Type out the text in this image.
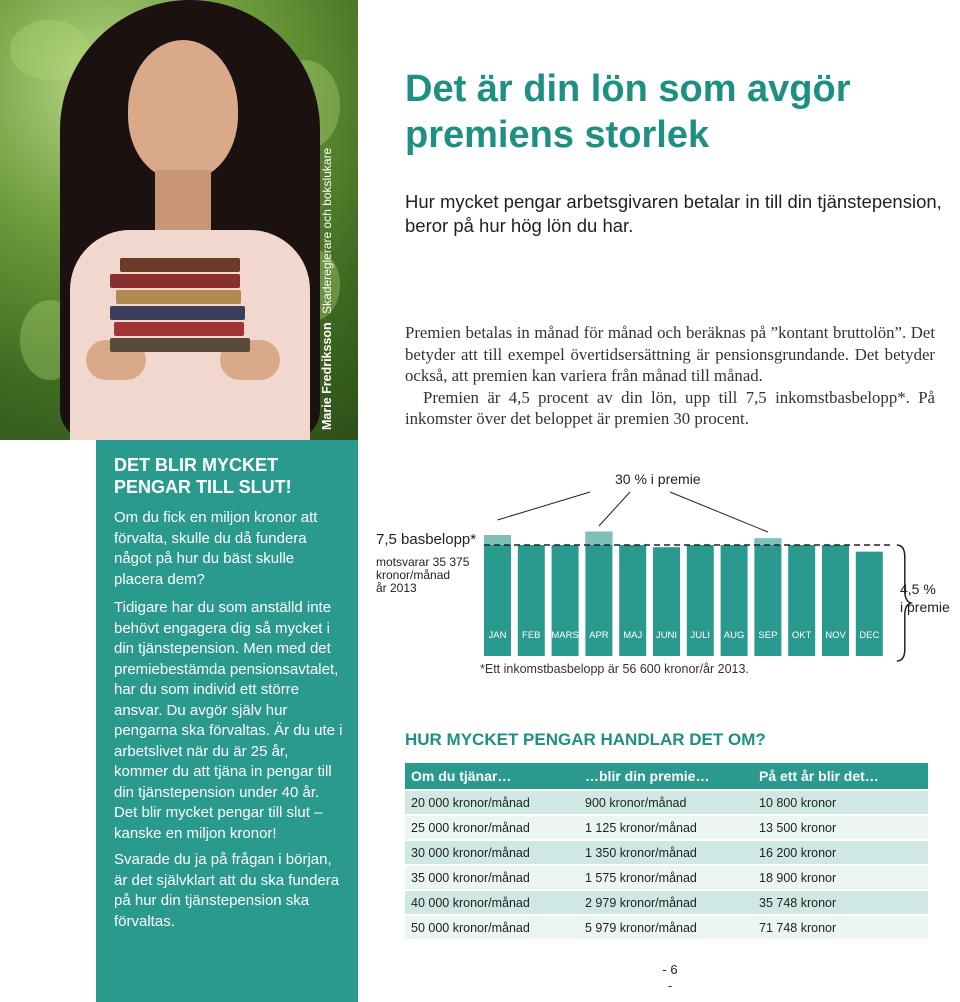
Marie Fredriksson Skadereglerare och bokslukare
DET BLIR MYCKET PENGAR TILL SLUT!

Om du fick en miljon kronor att förvalta, skulle du då fundera något på hur du bäst skulle placera dem?

Tidigare har du som anställd inte behövt engagera dig så mycket i din tjänstepension. Men med det premiebestämda pensionsavtalet, har du som individ ett större ansvar. Du avgör själv hur pengarna ska förvaltas. Är du ute i arbetslivet när du är 25 år, kommer du att tjäna in pengar till din tjänstepension under 40 år. Det blir mycket pengar till slut – kanske en miljon kronor!

Svarade du ja på frågan i början, är det självklart att du ska fundera på hur din tjänstepension ska förvaltas.

Det är din lön som avgör premiens storlek

Hur mycket pengar arbetsgivaren betalar in till din tjänstepension, beror på hur hög lön du har.

Premien betalas in månad för månad och beräknas på ”kontant bruttolön”. Det betyder att till exempel övertidsersättning är pensionsgrundande. Det betyder också, att premien kan variera från månad till månad.
Premien är 4,5 procent av din lön, upp till 7,5 inkomstbasbelopp*. På inkomster över det beloppet är premien 30 procent.
JAN FEB MARS APR MAJ JUNI JULI AUG SEP OKT NOV DEC
30 % i premie
7,5 basbelopp*
4,5 % i premie
motsvarar 35 375 kronor/månad år 2013
*Ett inkomstbasbelopp är 56 600 kronor/år 2013.
HUR MYCKET PENGAR HANDLAR DET OM?
Om du tjänar…	…blir din premie…	På ett år blir det…
20 000 kronor/månad	900 kronor/månad	10 800 kronor
25 000 kronor/månad	1 125 kronor/månad	13 500 kronor
30 000 kronor/månad	1 350 kronor/månad	16 200 kronor
35 000 kronor/månad	1 575 kronor/månad	18 900 kronor
40 000 kronor/månad	2 979 kronor/månad	35 748 kronor
50 000 kronor/månad	5 979 kronor/månad	71 748 kronor
- 6
-
